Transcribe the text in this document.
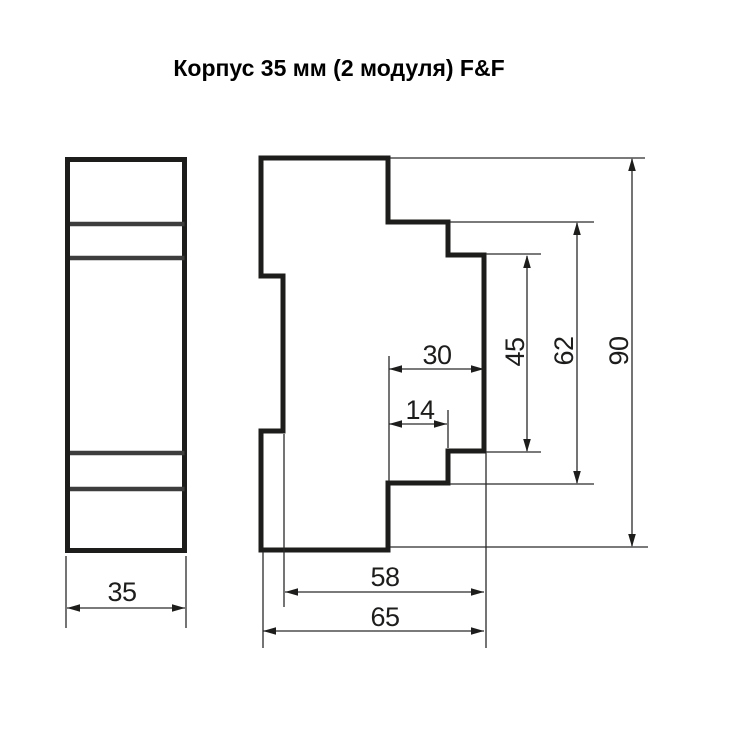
Корпус 35 мм (2 модуля) F&F
35
30
14
45 62 90
58
65
